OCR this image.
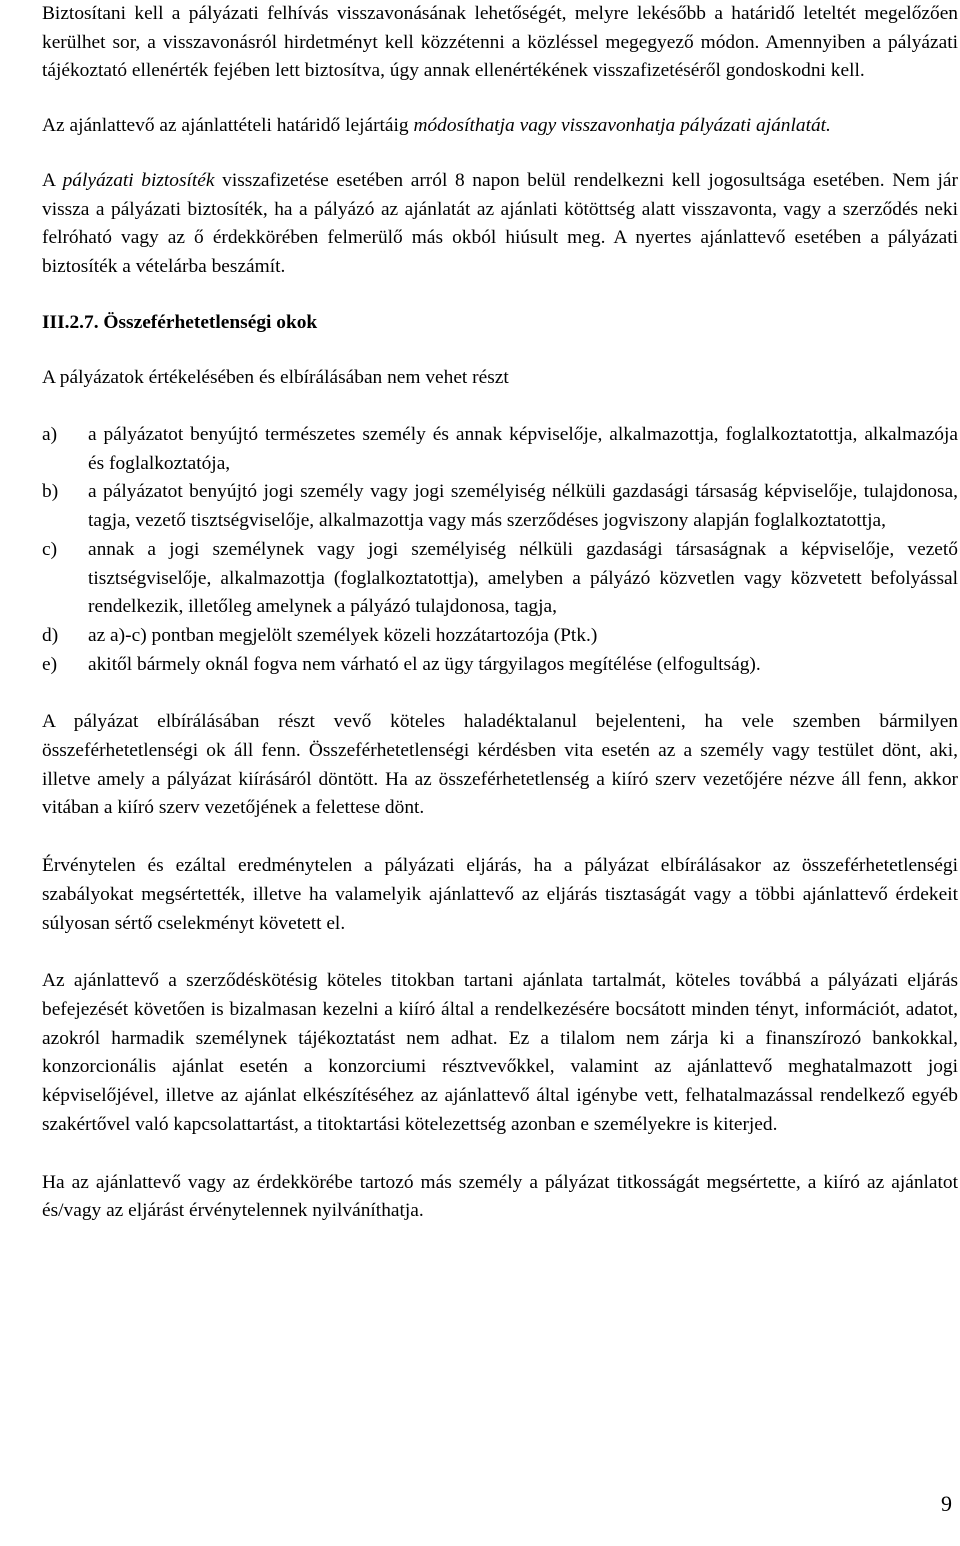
Biztosítani kell a pályázati felhívás visszavonásának lehetőségét, melyre lekésőbb a határidő leteltét megelőzően kerülhet sor, a visszavonásról hirdetményt kell közzétenni a közléssel megegyező módon. Amennyiben a pályázati tájékoztató ellenérték fejében lett biztosítva, úgy annak ellenértékének visszafizetéséről gondoskodni kell.

Az ajánlattevő az ajánlattételi határidő lejártáig módosíthatja vagy visszavonhatja pályázati ajánlatát.

A pályázati biztosíték visszafizetése esetében arról 8 napon belül rendelkezni kell jogosultsága esetében. Nem jár vissza a pályázati biztosíték, ha a pályázó az ajánlatát az ajánlati kötöttség alatt visszavonta, vagy a szerződés neki felróható vagy az ő érdekkörében felmerülő más okból hiúsult meg. A nyertes ajánlattevő esetében a pályázati biztosíték a vételárba beszámít.

III.2.7. Összeférhetetlenségi okok

A pályázatok értékelésében és elbírálásában nem vehet részt

a) a pályázatot benyújtó természetes személy és annak képviselője, alkalmazottja, foglalkoztatottja, alkalmazója és foglalkoztatója,
b) a pályázatot benyújtó jogi személy vagy jogi személyiség nélküli gazdasági társaság képviselője, tulajdonosa, tagja, vezető tisztségviselője, alkalmazottja vagy más szerződéses jogviszony alapján foglalkoztatottja,
c) annak a jogi személynek vagy jogi személyiség nélküli gazdasági társaságnak a képviselője, vezető tisztségviselője, alkalmazottja (foglalkoztatottja), amelyben a pályázó közvetlen vagy közvetett befolyással rendelkezik, illetőleg amelynek a pályázó tulajdonosa, tagja,
d) az a)-c) pontban megjelölt személyek közeli hozzátartozója (Ptk.)
e) akitől bármely oknál fogva nem várható el az ügy tárgyilagos megítélése (elfogultság).

A pályázat elbírálásában részt vevő köteles haladéktalanul bejelenteni, ha vele szemben bármilyen összeférhetetlenségi ok áll fenn. Összeférhetetlenségi kérdésben vita esetén az a személy vagy testület dönt, aki, illetve amely a pályázat kiírásáról döntött. Ha az összeférhetetlenség a kiíró szerv vezetőjére nézve áll fenn, akkor vitában a kiíró szerv vezetőjének a felettese dönt.

Érvénytelen és ezáltal eredménytelen a pályázati eljárás, ha a pályázat elbírálásakor az összeférhetetlenségi szabályokat megsértették, illetve ha valamelyik ajánlattevő az eljárás tisztaságát vagy a többi ajánlattevő érdekeit súlyosan sértő cselekményt követett el.

Az ajánlattevő a szerződéskötésig köteles titokban tartani ajánlata tartalmát, köteles továbbá a pályázati eljárás befejezését követően is bizalmasan kezelni a kiíró által a rendelkezésére bocsátott minden tényt, információt, adatot, azokról harmadik személynek tájékoztatást nem adhat. Ez a tilalom nem zárja ki a finanszírozó bankokkal, konzorcionális ajánlat esetén a konzorciumi résztvevőkkel, valamint az ajánlattevő meghatalmazott jogi képviselőjével, illetve az ajánlat elkészítéséhez az ajánlattevő által igénybe vett, felhatalmazással rendelkező egyéb szakértővel való kapcsolattartást, a titoktartási kötelezettség azonban e személyekre is kiterjed.

Ha az ajánlattevő vagy az érdekkörébe tartozó más személy a pályázat titkosságát megsértette, a kiíró az ajánlatot és/vagy az eljárást érvénytelennek nyilváníthatja.

9
